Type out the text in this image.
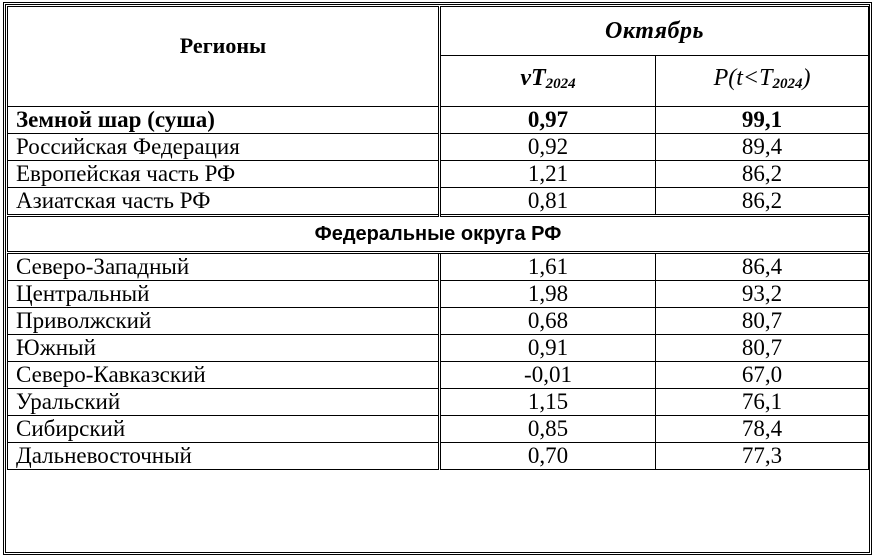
Регионы	Октябрь	
	$vT_{2024}$	$P(t<T_{2024})$
Земной шар (суша)	0,97	99,1
Российская Федерация	0,92	89,4
Европейская часть РФ	1,21	86,2
Азиатская часть РФ	0,81	86,2
Федеральные округа РФ		
Северо-Западный	1,61	86,4
Центральный	1,98	93,2
Приволжский	0,68	80,7
Южный	0,91	80,7
Северо-Кавказский	-0,01	67,0
Уральский	1,15	76,1
Сибирский	0,85	78,4
Дальневосточный	0,70	77,3
